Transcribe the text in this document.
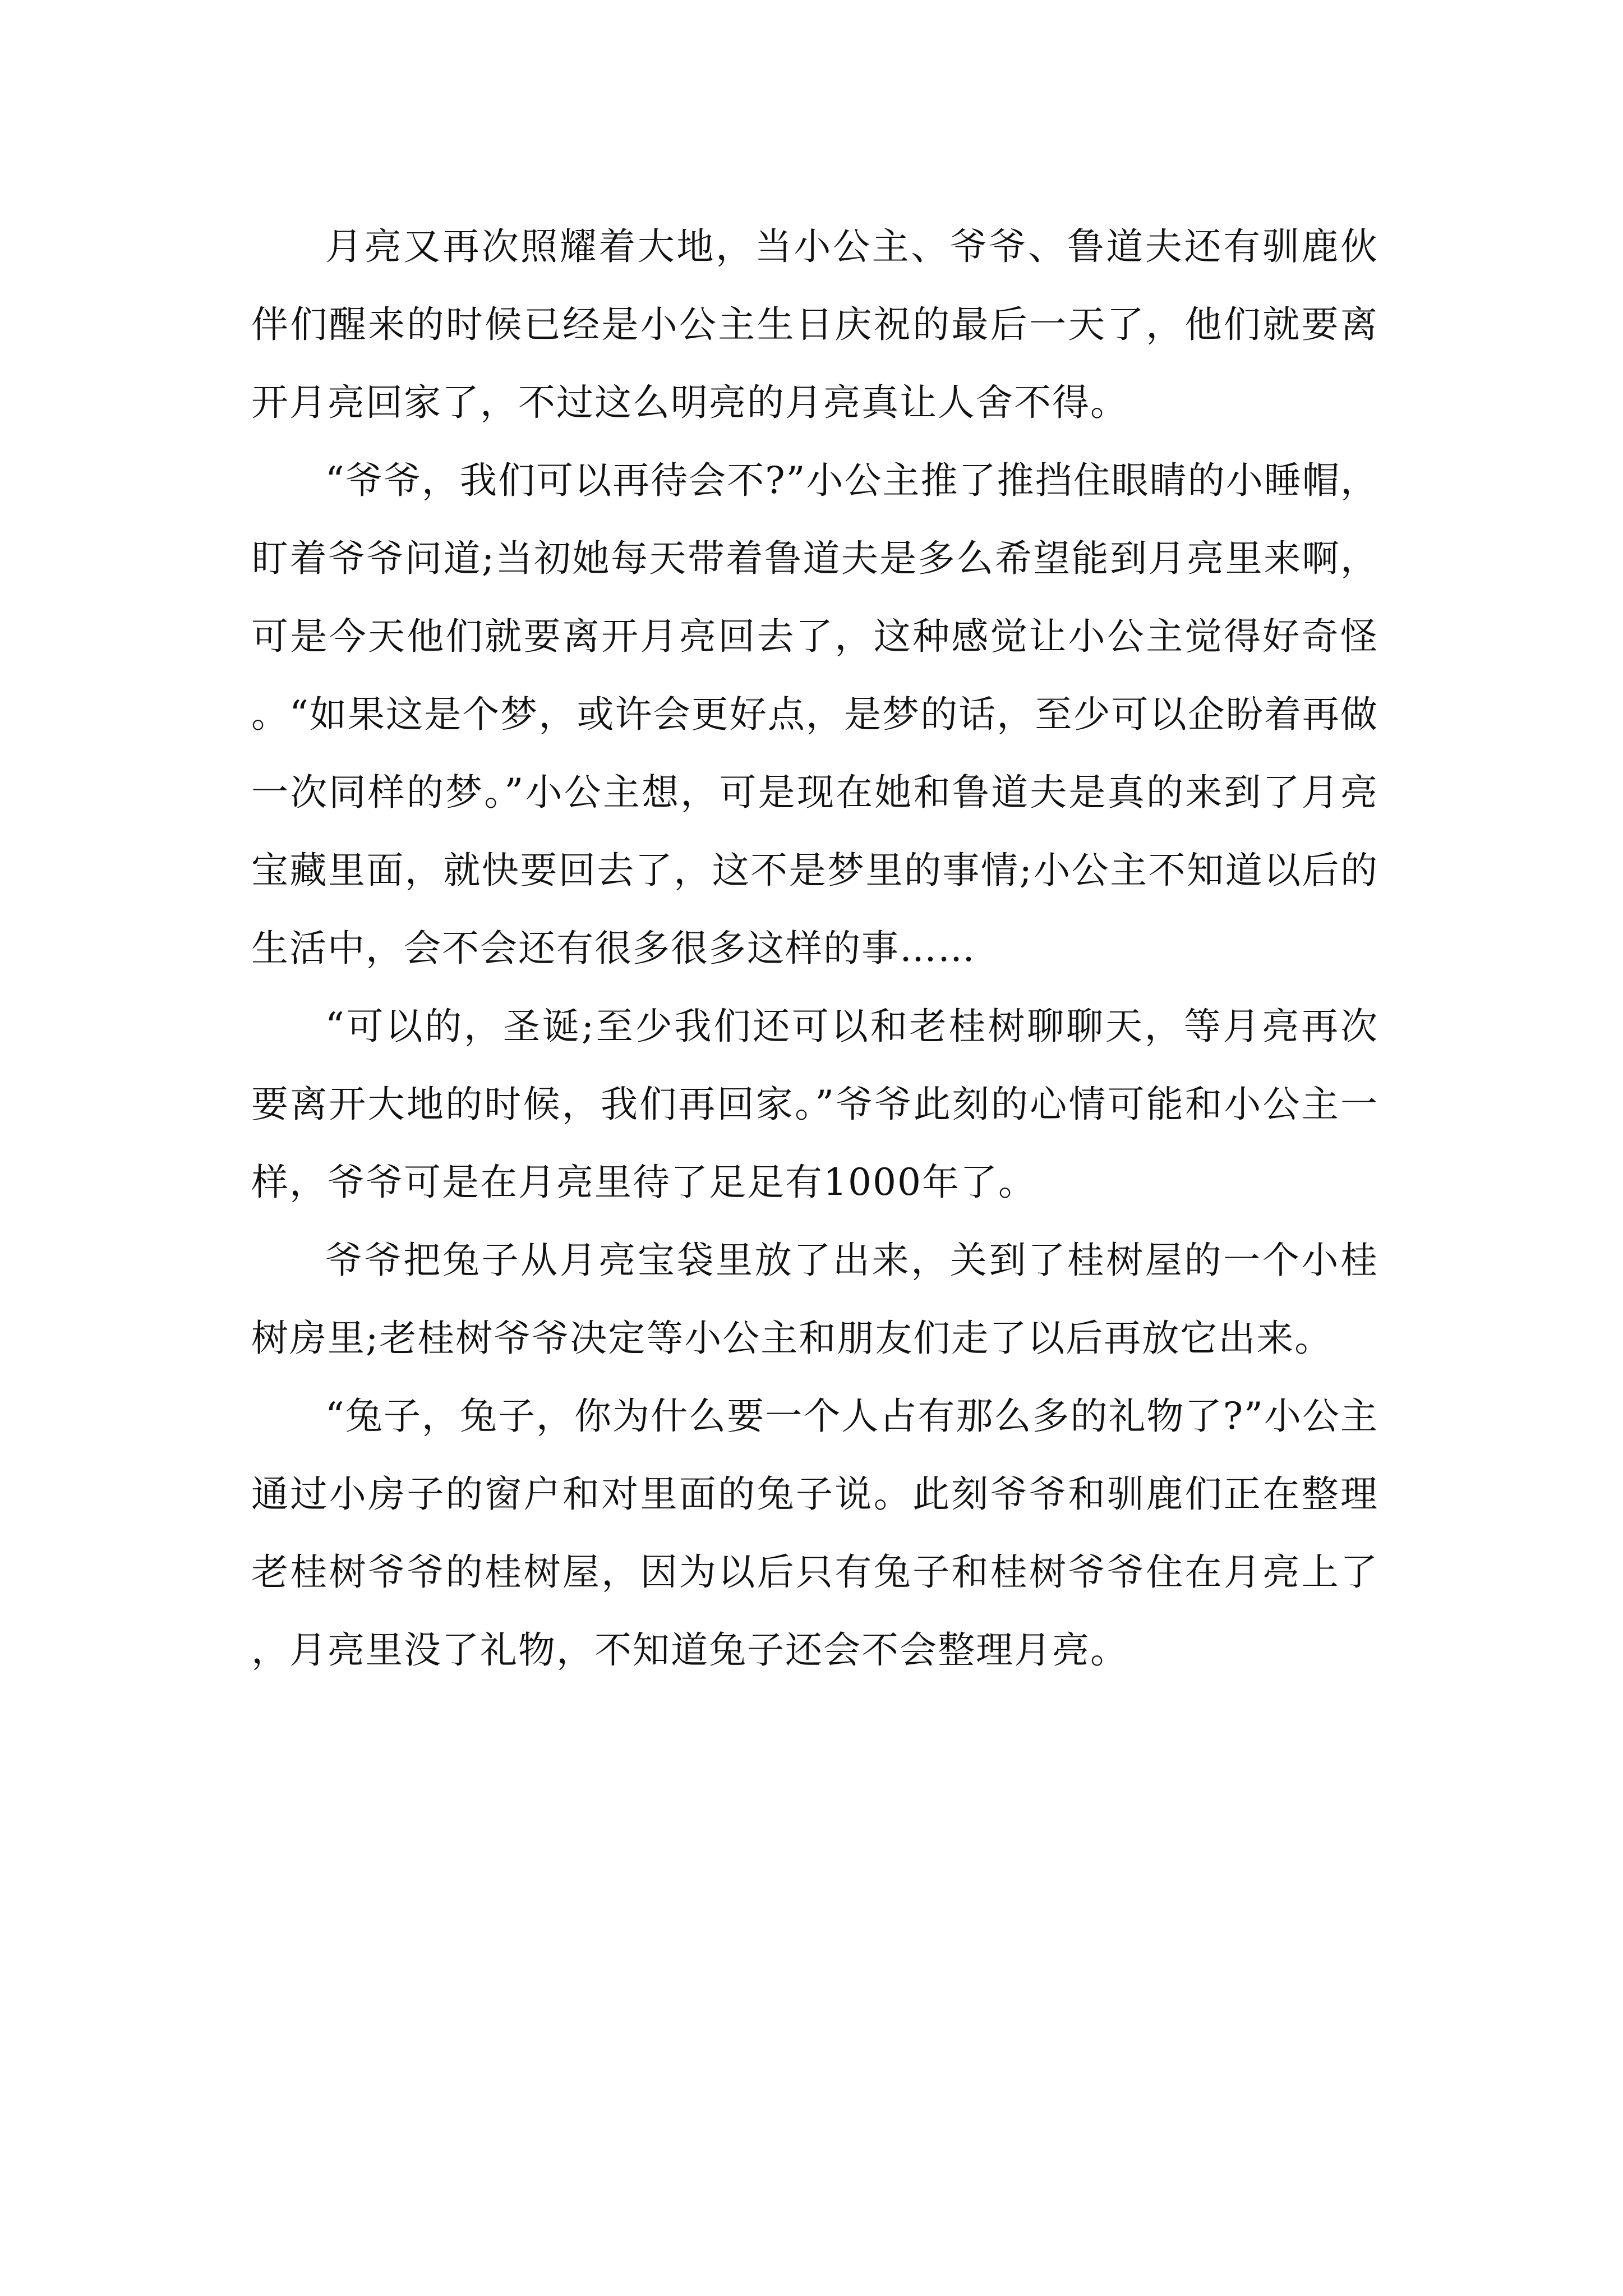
月亮又再次照耀着大地，当小公主、爷爷、鲁道夫还有驯鹿伙伴们醒来的时候已经是小公主生日庆祝的最后一天了，他们就要离开月亮回家了，不过这么明亮的月亮真让人舍不得。

“爷爷，我们可以再待会不?”小公主推了推挡住眼睛的小睡帽，盯着爷爷问道;当初她每天带着鲁道夫是多么希望能到月亮里来啊，可是今天他们就要离开月亮回去了，这种感觉让小公主觉得好奇怪。“如果这是个梦，或许会更好点，是梦的话，至少可以企盼着再做一次同样的梦。”小公主想，可是现在她和鲁道夫是真的来到了月亮宝藏里面，就快要回去了，这不是梦里的事情;小公主不知道以后的生活中，会不会还有很多很多这样的事……

“可以的，圣诞;至少我们还可以和老桂树聊聊天，等月亮再次要离开大地的时候，我们再回家。”爷爷此刻的心情可能和小公主一样，爷爷可是在月亮里待了足足有1000年了。

爷爷把兔子从月亮宝袋里放了出来，关到了桂树屋的一个小桂树房里;老桂树爷爷决定等小公主和朋友们走了以后再放它出来。

“兔子，兔子，你为什么要一个人占有那么多的礼物了?”小公主通过小房子的窗户和对里面的兔子说。此刻爷爷和驯鹿们正在整理老桂树爷爷的桂树屋，因为以后只有兔子和桂树爷爷住在月亮上了，月亮里没了礼物，不知道兔子还会不会整理月亮。
